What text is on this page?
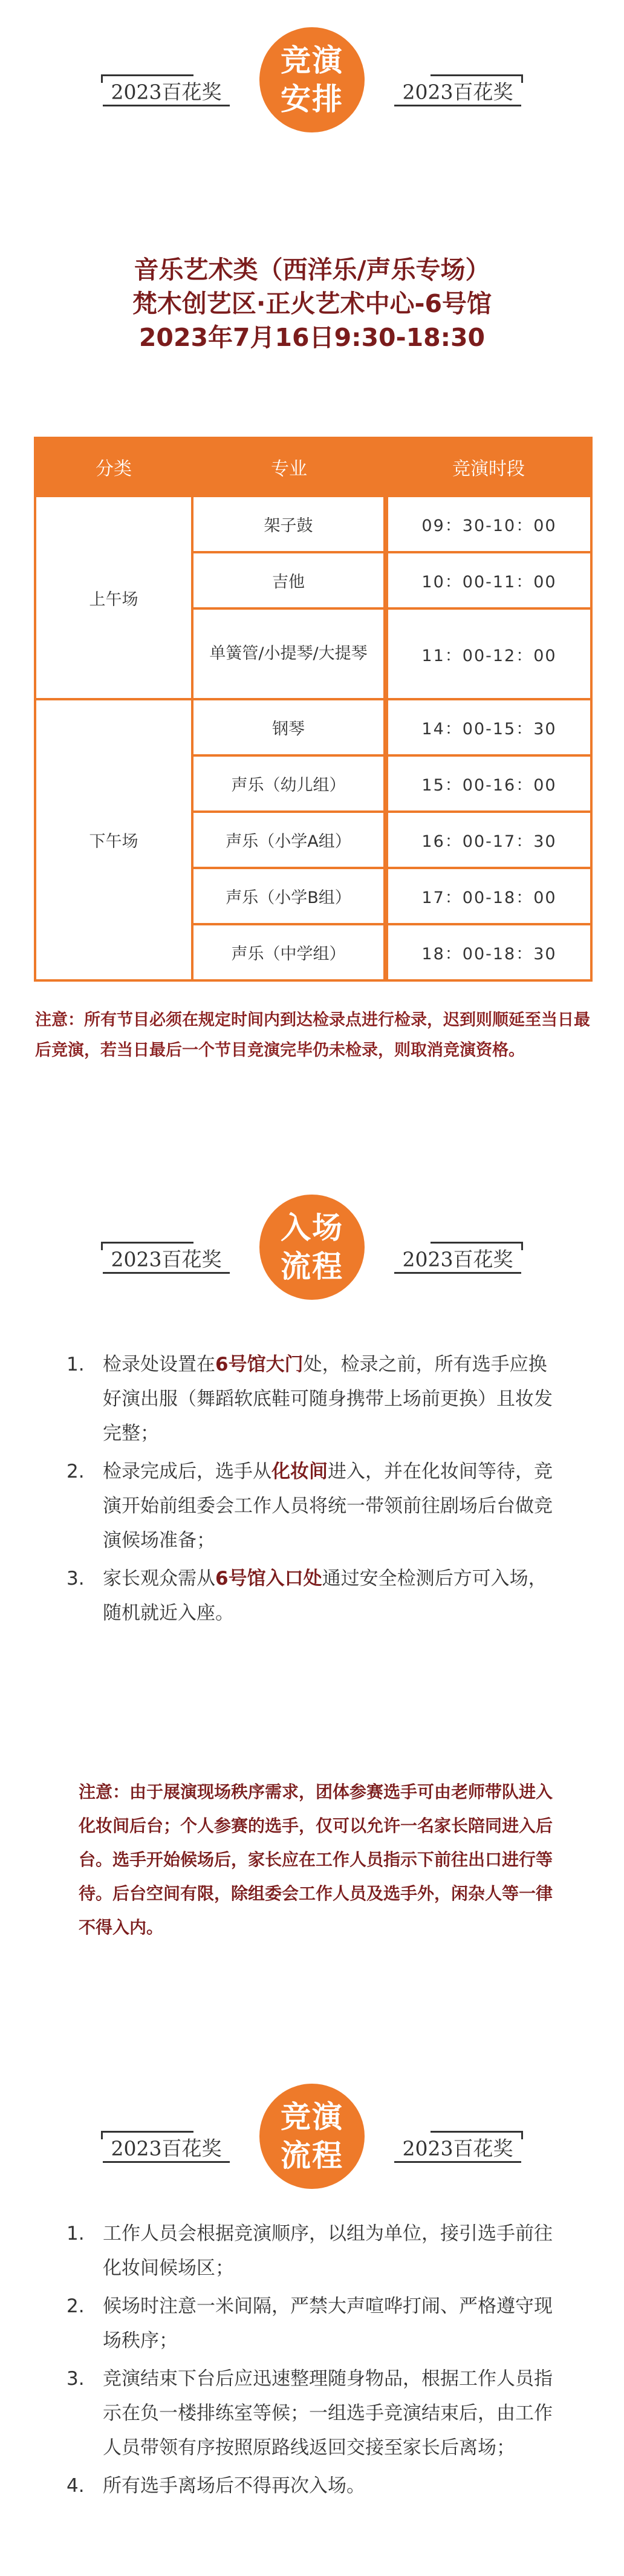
2023百花奖	2023百花奖
竞演
安排
音乐艺术类（西洋乐/声乐专场）
梵木创艺区·正火艺术中心-6号馆
2023年7月16日9:30-18:30
分类	专业	竞演时段
上午场	架子鼓	09：30-10：00
	吉他	10：00-11：00
	单簧管/小提琴/大提琴	11：00-12：00
下午场	钢琴	14：00-15：30
	声乐（幼儿组）	15：00-16：00
	声乐（小学A组）	16：00-17：30
	声乐（小学B组）	17：00-18：00
	声乐（中学组）	18：00-18：30
注意：所有节目必须在规定时间内到达检录点进行检录，迟到则顺延至当日最后竞演，若当日最后一个节目竞演完毕仍未检录，则取消竞演资格。
2023百花奖	2023百花奖
入场
流程
1. 检录处设置在6号馆大门处，检录之前，所有选手应换好演出服（舞蹈软底鞋可随身携带上场前更换）且妆发完整；
2. 检录完成后，选手从化妆间进入，并在化妆间等待，竞演开始前组委会工作人员将统一带领前往剧场后台做竞演候场准备；
3. 家长观众需从6号馆入口处通过安全检测后方可入场，随机就近入座。
注意：由于展演现场秩序需求，团体参赛选手可由老师带队进入化妆间后台；个人参赛的选手，仅可以允许一名家长陪同进入后台。选手开始候场后，家长应在工作人员指示下前往出口进行等待。后台空间有限，除组委会工作人员及选手外，闲杂人等一律不得入内。
2023百花奖	2023百花奖
竞演
流程
1. 工作人员会根据竞演顺序，以组为单位，接引选手前往化妆间候场区；
2. 候场时注意一米间隔，严禁大声喧哗打闹、严格遵守现场秩序；
3. 竞演结束下台后应迅速整理随身物品，根据工作人员指示在负一楼排练室等候；一组选手竞演结束后，由工作人员带领有序按照原路线返回交接至家长后离场；
4. 所有选手离场后不得再次入场。
